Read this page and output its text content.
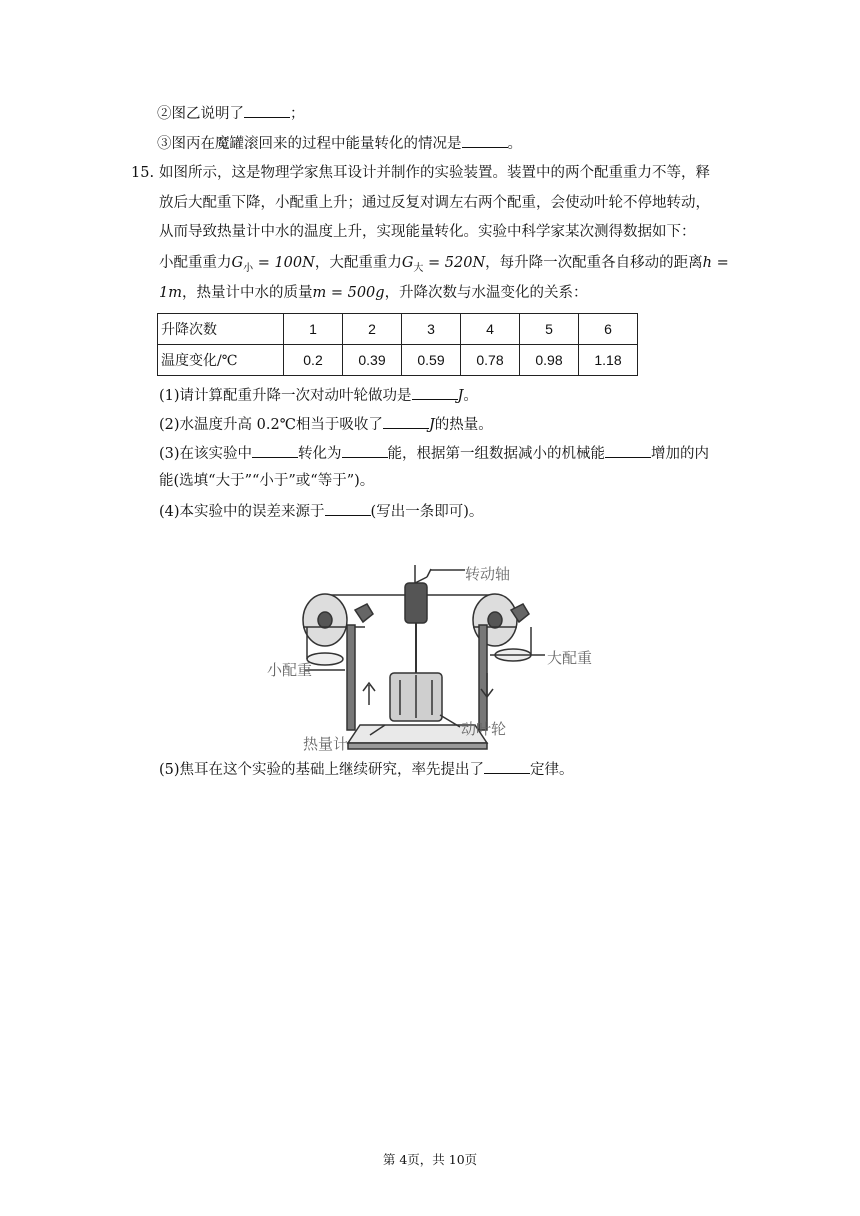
②图乙说明了	；
③图丙在魔罐滚回来的过程中能量转化的情况是	。
15. 如图所示，这是物理学家焦耳设计并制作的实验装置。装置中的两个配重重力不等，释
放后大配重下降，小配重上升；通过反复对调左右两个配重，会使动叶轮不停地转动，
从而导致热量计中水的温度上升，实现能量转化。实验中科学家某次测得数据如下：
小配重重力$G_小 = 100N$，大配重重力$G_大 = 520N$，每升降一次配重各自移动的距离h =
1m，热量计中水的质量m = 500g，升降次数与水温变化的关系：
升降次数	1	2	3	4	5	6
温度变化/℃	0.2	0.39	0.59	0.78	0.98	1.18
(1)请计算配重升降一次对动叶轮做功是	J。
(2)水温度升高 0.2℃相当于吸收了	J的热量。
(3)在该实验中	转化为	能，根据第一组数据减小的机械能	增加的内
能(选填“大于”“小于”或“等于”)。
(4)本实验中的误差来源于	(写出一条即可)。
转动轴
小配重
大配重
动叶轮
热量计
(5)焦耳在这个实验的基础上继续研究，率先提出了	定律。
第 4页，共 10页
